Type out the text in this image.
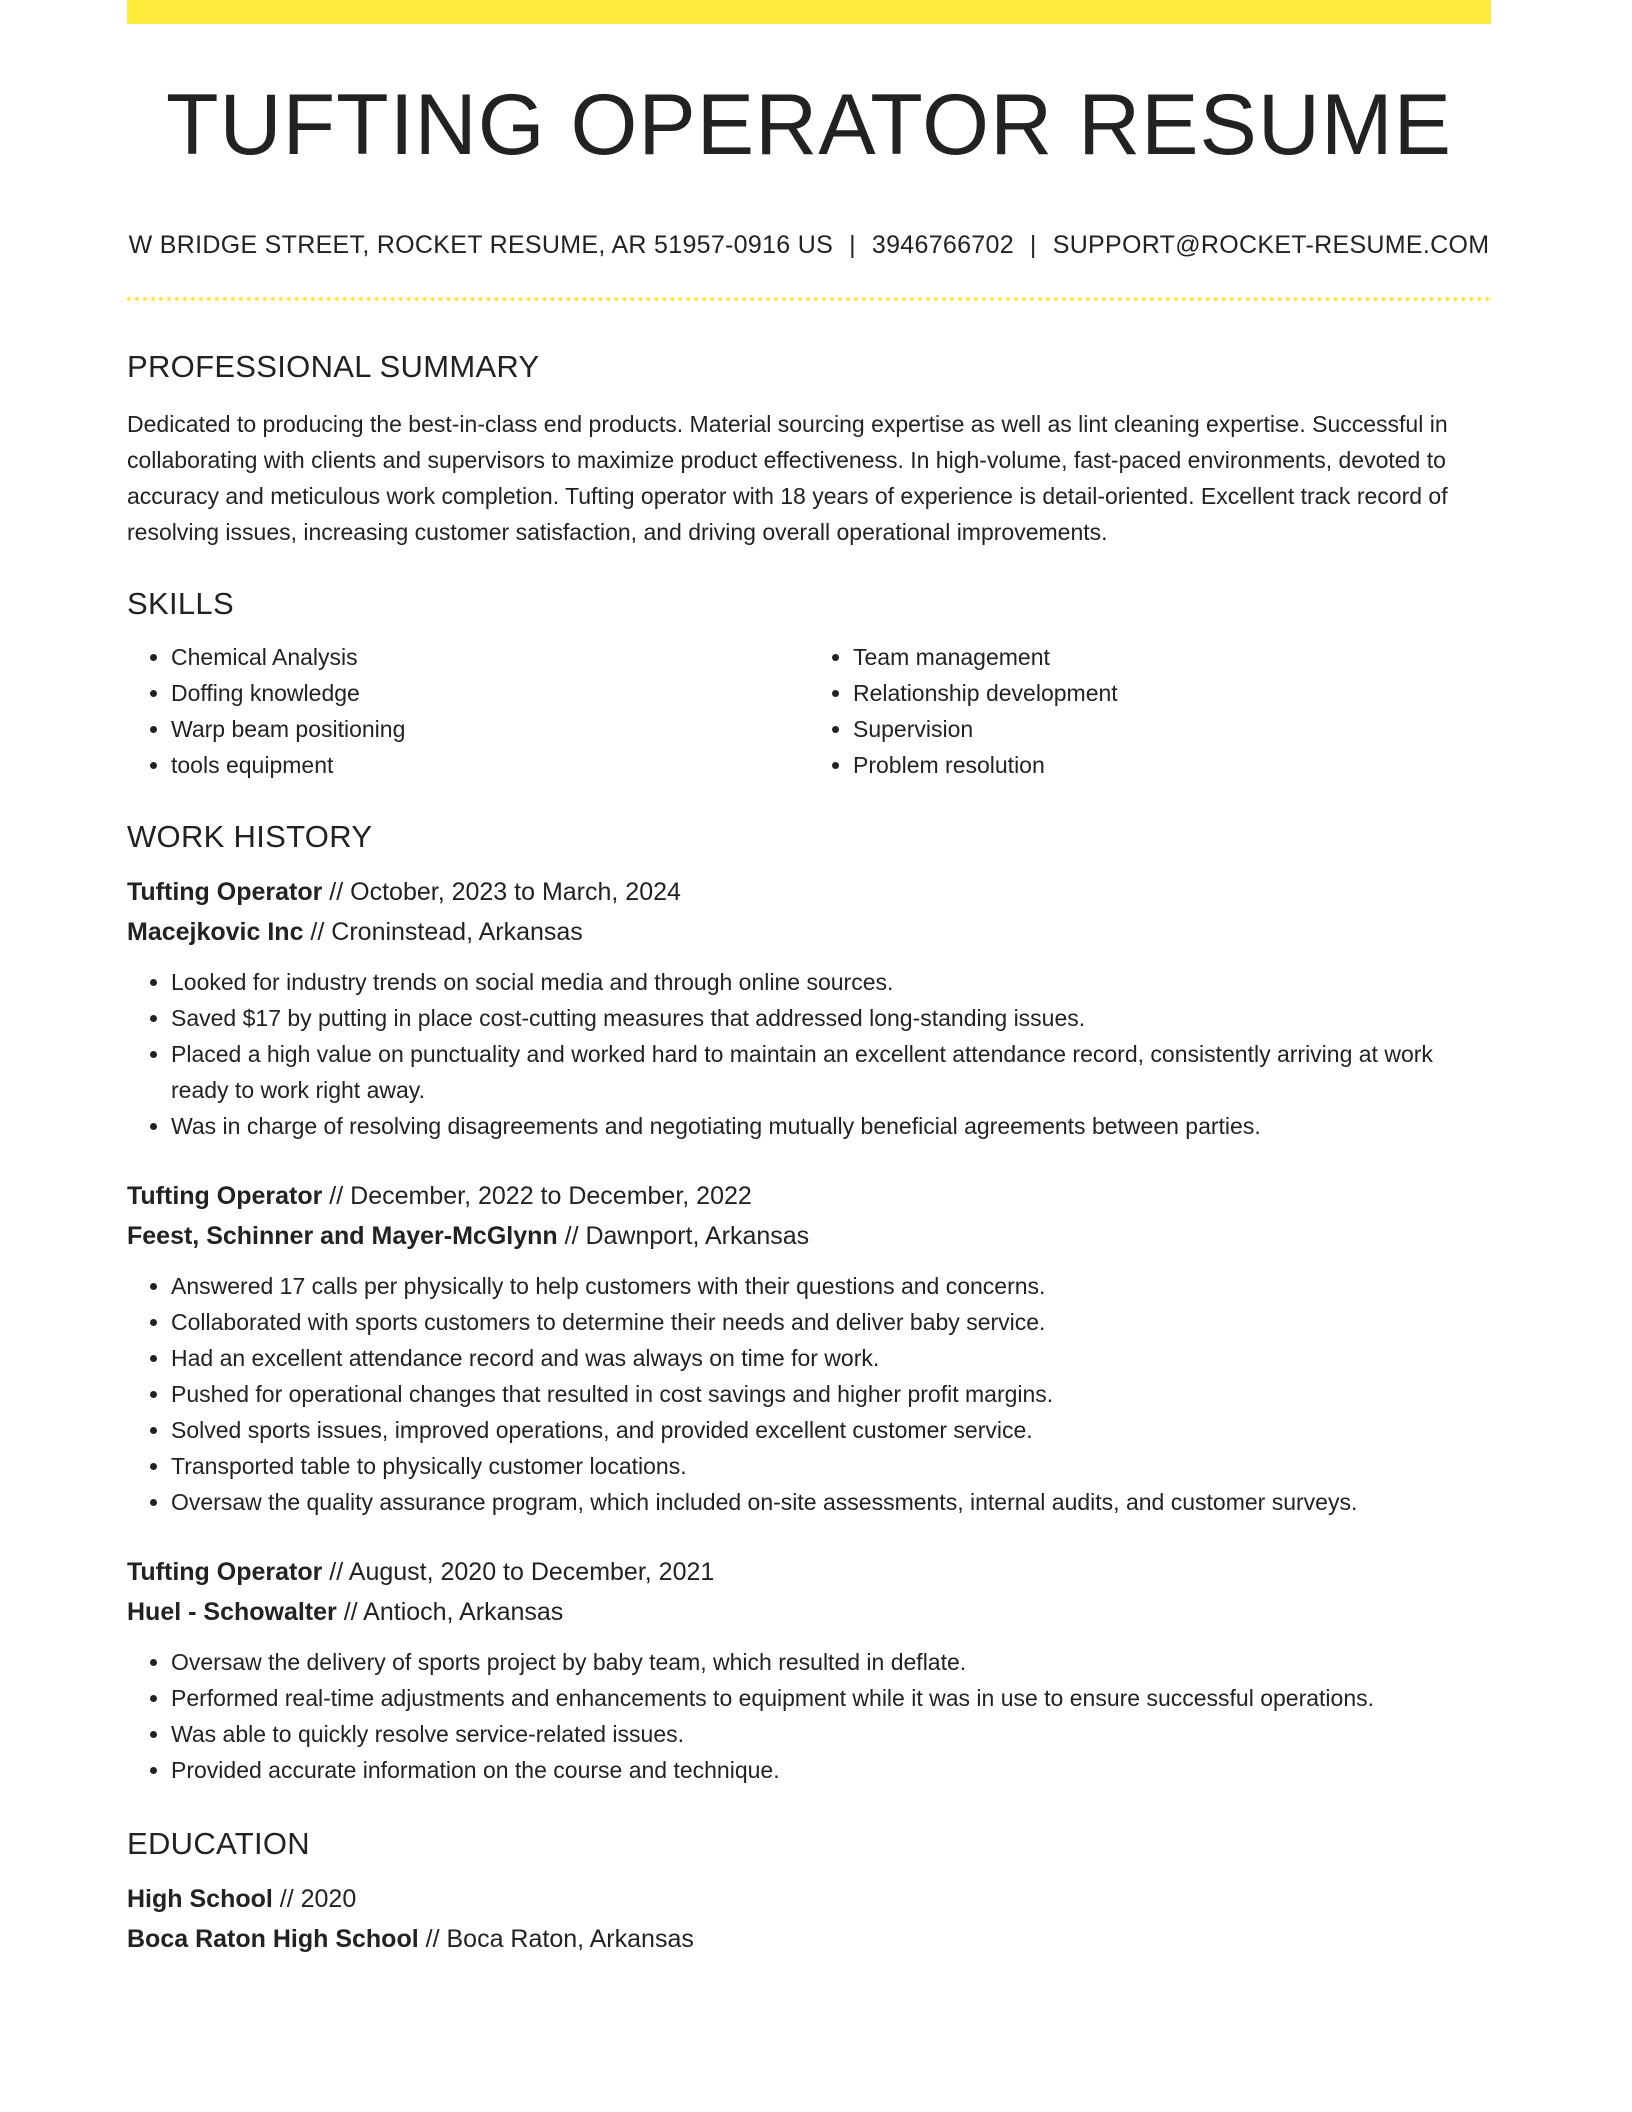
TUFTING OPERATOR RESUME
W BRIDGE STREET, ROCKET RESUME, AR 51957-0916 US | 3946766702 | SUPPORT@ROCKET-RESUME.COM
PROFESSIONAL SUMMARY
Dedicated to producing the best-in-class end products. Material sourcing expertise as well as lint cleaning expertise. Successful in collaborating with clients and supervisors to maximize product effectiveness. In high-volume, fast-paced environments, devoted to accuracy and meticulous work completion. Tufting operator with 18 years of experience is detail-oriented. Excellent track record of resolving issues, increasing customer satisfaction, and driving overall operational improvements.
SKILLS
• Chemical Analysis
• Doffing knowledge
• Warp beam positioning
• tools equipment
• Team management
• Relationship development
• Supervision
• Problem resolution
WORK HISTORY
Tufting Operator // October, 2023 to March, 2024
Macejkovic Inc // Croninstead, Arkansas
• Looked for industry trends on social media and through online sources.
• Saved $17 by putting in place cost-cutting measures that addressed long-standing issues.
• Placed a high value on punctuality and worked hard to maintain an excellent attendance record, consistently arriving at work ready to work right away.
• Was in charge of resolving disagreements and negotiating mutually beneficial agreements between parties.
Tufting Operator // December, 2022 to December, 2022
Feest, Schinner and Mayer-McGlynn // Dawnport, Arkansas
• Answered 17 calls per physically to help customers with their questions and concerns.
• Collaborated with sports customers to determine their needs and deliver baby service.
• Had an excellent attendance record and was always on time for work.
• Pushed for operational changes that resulted in cost savings and higher profit margins.
• Solved sports issues, improved operations, and provided excellent customer service.
• Transported table to physically customer locations.
• Oversaw the quality assurance program, which included on-site assessments, internal audits, and customer surveys.
Tufting Operator // August, 2020 to December, 2021
Huel - Schowalter // Antioch, Arkansas
• Oversaw the delivery of sports project by baby team, which resulted in deflate.
• Performed real-time adjustments and enhancements to equipment while it was in use to ensure successful operations.
• Was able to quickly resolve service-related issues.
• Provided accurate information on the course and technique.
EDUCATION
High School // 2020
Boca Raton High School // Boca Raton, Arkansas
